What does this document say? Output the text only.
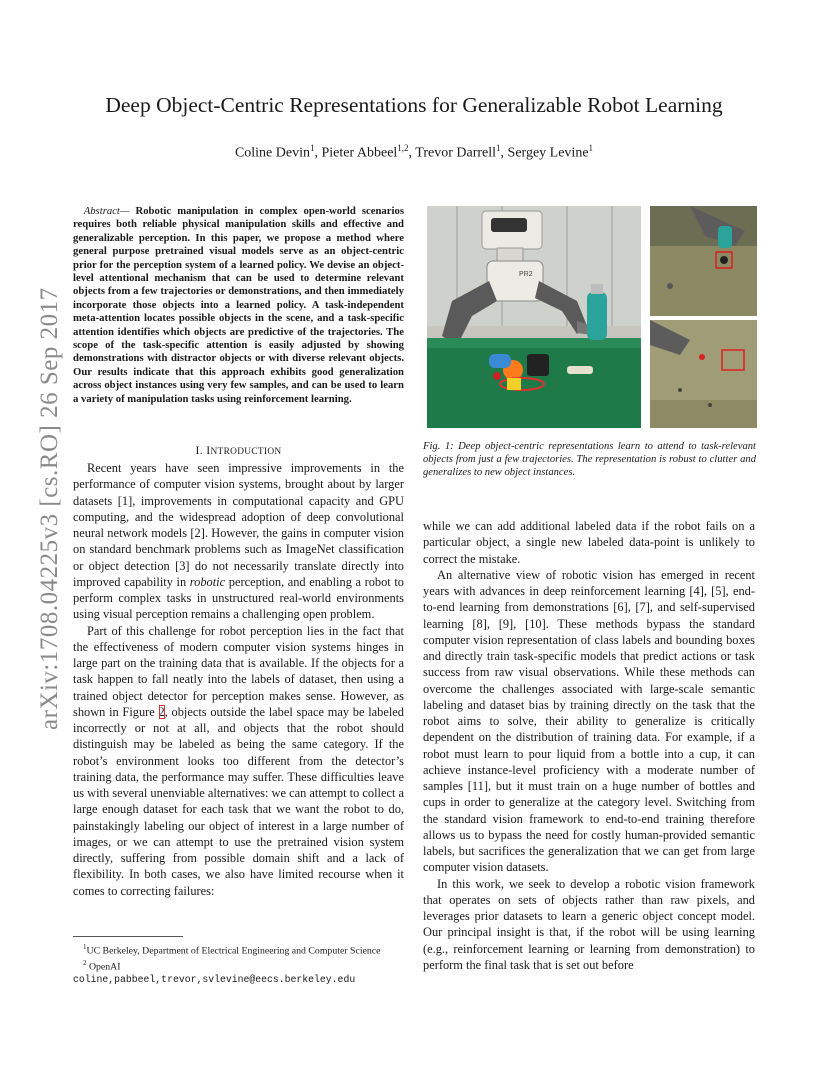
arXiv:1708.04225v3 [cs.RO] 26 Sep 2017
Deep Object-Centric Representations for Generalizable Robot Learning
Coline Devin$^1$, Pieter Abbeel$^{1,2}$, Trevor Darrell$^1$, Sergey Levine$^1$
 Abstract— Robotic manipulation in complex open-world scenarios requires both reliable physical manipulation skills and effective and generalizable perception. In this paper, we propose a method where general purpose pretrained visual models serve as an object-centric prior for the perception system of a learned policy. We devise an object-level attentional mechanism that can be used to determine relevant objects from a few trajectories or demonstrations, and then immediately incorporate those objects into a learned policy. A task-independent meta-attention locates possible objects in the scene, and a task-specific attention identifies which objects are predictive of the trajectories. The scope of the task-specific attention is easily adjusted by showing demonstrations with distractor objects or with diverse relevant objects. Our results indicate that this approach exhibits good generalization across object instances using very few samples, and can be used to learn a variety of manipulation tasks using reinforcement learning.
I. INTRODUCTION

Recent years have seen impressive improvements in the performance of computer vision systems, brought about by larger datasets [1], improvements in computational capacity and GPU computing, and the widespread adoption of deep convolutional neural network models [2]. However, the gains in computer vision on standard benchmark problems such as ImageNet classification or object detection [3] do not necessarily translate directly into improved capability in robotic perception, and enabling a robot to perform complex tasks in unstructured real-world environments using visual perception remains a challenging open problem.

Part of this challenge for robot perception lies in the fact that the effectiveness of modern computer vision systems hinges in large part on the training data that is available. If the objects for a task happen to fall neatly into the labels of dataset, then using a trained object detector for perception makes sense. However, as shown in Figure 2, objects outside the label space may be labeled incorrectly or not at all, and objects that the robot should distinguish may be labeled as being the same category. If the robot’s environment looks too different from the detector’s training data, the performance may suffer. These difficulties leave us with several unenviable alternatives: we can attempt to collect a large enough dataset for each task that we want the robot to do, painstakingly labeling our object of interest in a large number of images, or we can attempt to use the pretrained vision system directly, suffering from possible domain shift and a lack of flexibility. In both cases, we also have limited recourse when it comes to correcting failures:

$^1$UC Berkeley, Department of Electrical Engineering and Computer Science

$^2$ OpenAI

coline,pabbeel,trevor,svlevine@eecs.berkeley.edu

PR2
Fig. 1: Deep object-centric representations learn to attend to task-relevant objects from just a few trajectories. The representation is robust to clutter and generalizes to new object instances.

while we can add additional labeled data if the robot fails on a particular object, a single new labeled data-point is unlikely to correct the mistake.

An alternative view of robotic vision has emerged in recent years with advances in deep reinforcement learning [4], [5], end-to-end learning from demonstrations [6], [7], and self-supervised learning [8], [9], [10]. These methods bypass the standard computer vision representation of class labels and bounding boxes and directly train task-specific models that predict actions or task success from raw visual observations. While these methods can overcome the challenges associated with large-scale semantic labeling and dataset bias by training directly on the task that the robot aims to solve, their ability to generalize is critically dependent on the distribution of training data. For example, if a robot must learn to pour liquid from a bottle into a cup, it can achieve instance-level proficiency with a moderate number of samples [11], but it must train on a huge number of bottles and cups in order to generalize at the category level. Switching from the standard vision framework to end-to-end training therefore allows us to bypass the need for costly human-provided semantic labels, but sacrifices the generalization that we can get from large computer vision datasets.

In this work, we seek to develop a robotic vision framework that operates on sets of objects rather than raw pixels, and leverages prior datasets to learn a generic object concept model. Our principal insight is that, if the robot will be using learning (e.g., reinforcement learning or learning from demonstration) to perform the final task that is set out before
